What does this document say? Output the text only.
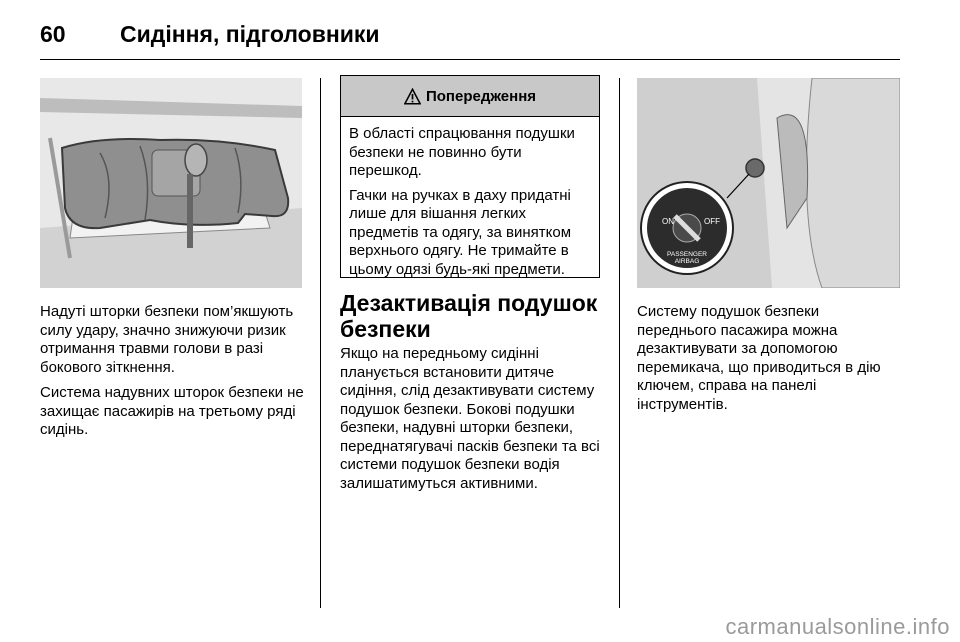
60	Сидіння, підголовники

Надуті шторки безпеки пом’якшують силу удару, значно знижуючи ризик отримання травми голови в разі бокового зіткнення.

Система надувних шторок безпеки не захищає пасажирів на третьому ряді сидінь.

Попередження

В області спрацювання подушки безпеки не повинно бути перешкод.

Гачки на ручках в даху придатні лише для вішання легких предметів та одягу, за винятком верхнього одягу. Не тримайте в цьому одязі будь-які предмети.

Дезактивація подушок безпеки

Якщо на передньому сидінні планується встановити дитяче сидіння, слід дезактивувати систему подушок безпеки. Бокові подушки безпеки, надувні шторки безпеки, переднатягувачі пасків безпеки та всі системи подушок безпеки водія залишатимуться активними.

ON	OFF
PASSENGER
AIRBAG

Систему подушок безпеки переднього пасажира можна дезактивувати за допомогою перемикача, що приводиться в дію ключем, справа на панелі інструментів.

carmanualsonline.info
